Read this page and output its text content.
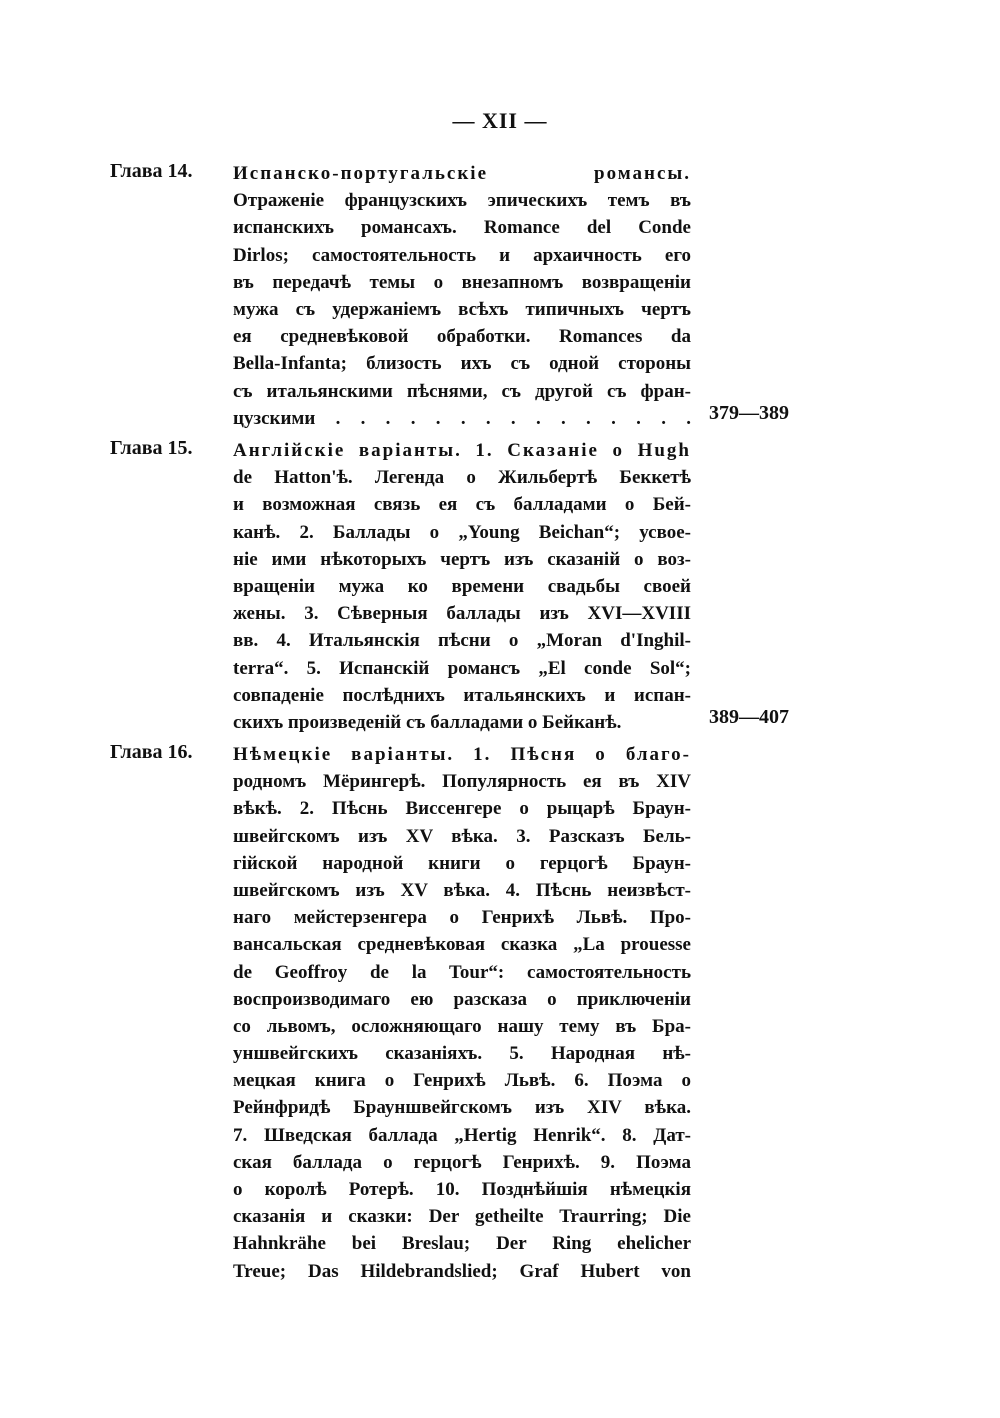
— XII —
Глава 14. Испанско-португальскіе романсы.
Отраженіе французскихъ эпическихъ темъ въ
испанскихъ романсахъ. Romance del Conde
Dirlos; самостоятельность и архаичность его
въ передачѣ темы о внезапномъ возвращеніи
мужа съ удержаніемъ всѣхъ типичныхъ чертъ
ея средневѣковой обработки. Romances da
Bella-Infanta; близость ихъ съ одной стороны
съ итальянскими пѣснями, съ другой съ фран-
цузскими . . . . . . . . . . . . . . . 379—389
Глава 15. Англійскіе варіанты. 1. Сказаніе о Hugh
de Hatton'ѣ. Легенда о Жильбертѣ Беккетѣ
и возможная связь ея съ балладами о Бей-
канѣ. 2. Баллады о „Young Beichan“; усвое-
ніе ими нѣкоторыхъ чертъ изъ сказаній о воз-
вращеніи мужа ко времени свадьбы своей
жены. 3. Сѣверныя баллады изъ XVI—XVIII
вв. 4. Итальянскія пѣсни о „Moran d'Inghil-
terra“. 5. Испанскій романсъ „El conde Sol“;
совпаденіе послѣднихъ итальянскихъ и испан-
скихъ произведеній съ балладами о Бейканѣ.	389—407
Глава 16. Нѣмецкіе варіанты. 1. Пѣсня о благо-
родномъ Мёрингерѣ. Популярность ея въ XIV
вѣкѣ. 2. Пѣснь Виссенгере о рыцарѣ Браун-
швейгскомъ изъ XV вѣка. 3. Разсказъ Бель-
гійской народной книги о герцогѣ Браун-
швейгскомъ изъ XV вѣка. 4. Пѣснь неизвѣст-
наго мейстерзенгера о Генрихѣ Львѣ. Про-
вансальская средневѣковая сказка „La prouesse
de Geoffroy de la Tour“: самостоятельность
воспроизводимаго ею разсказа о приключеніи
со львомъ, осложняющаго нашу тему въ Бра-
уншвейгскихъ сказаніяхъ. 5. Народная нѣ-
мецкая книга о Генрихѣ Львѣ. 6. Поэма о
Рейнфридѣ Брауншвейгскомъ изъ XIV вѣка.
7. Шведская баллада „Hertig Henrik“. 8. Дат-
ская баллада о герцогѣ Генрихѣ. 9. Поэма
о королѣ Ротерѣ. 10. Позднѣйшія нѣмецкія
сказанія и сказки: Der getheilte Traurring; Die
Hahnkrähe bei Breslau; Der Ring ehelicher
Treue; Das Hildebrandslied; Graf Hubert von
